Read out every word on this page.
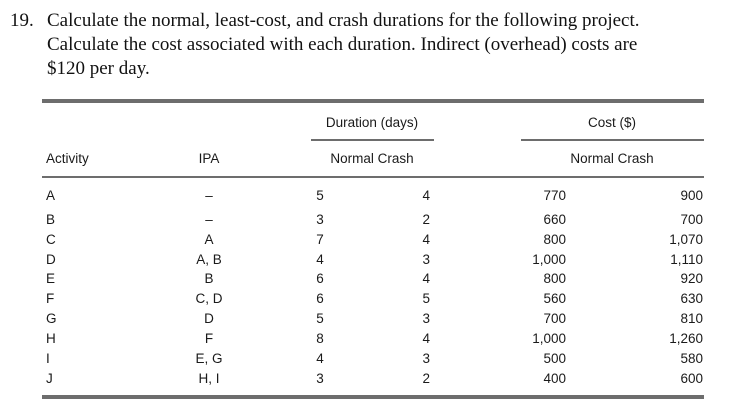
19. Calculate the normal, least-cost, and crash durations for the following project.
Calculate the cost associated with each duration. Indirect (overhead) costs are
$120 per day.
Duration (days)	Cost ($)
Activity	IPA	Normal Crash	Normal Crash
A	–	5	4	770	900
B	–	3	2	660	700
C	A	7	4	800	1,070
D	A, B	4	3	1,000	1,110
E	B	6	4	800	920
F	C, D	6	5	560	630
G	D	5	3	700	810
H	F	8	4	1,000	1,260
I	E, G	4	3	500	580
J	H, I	3	2	400	600
